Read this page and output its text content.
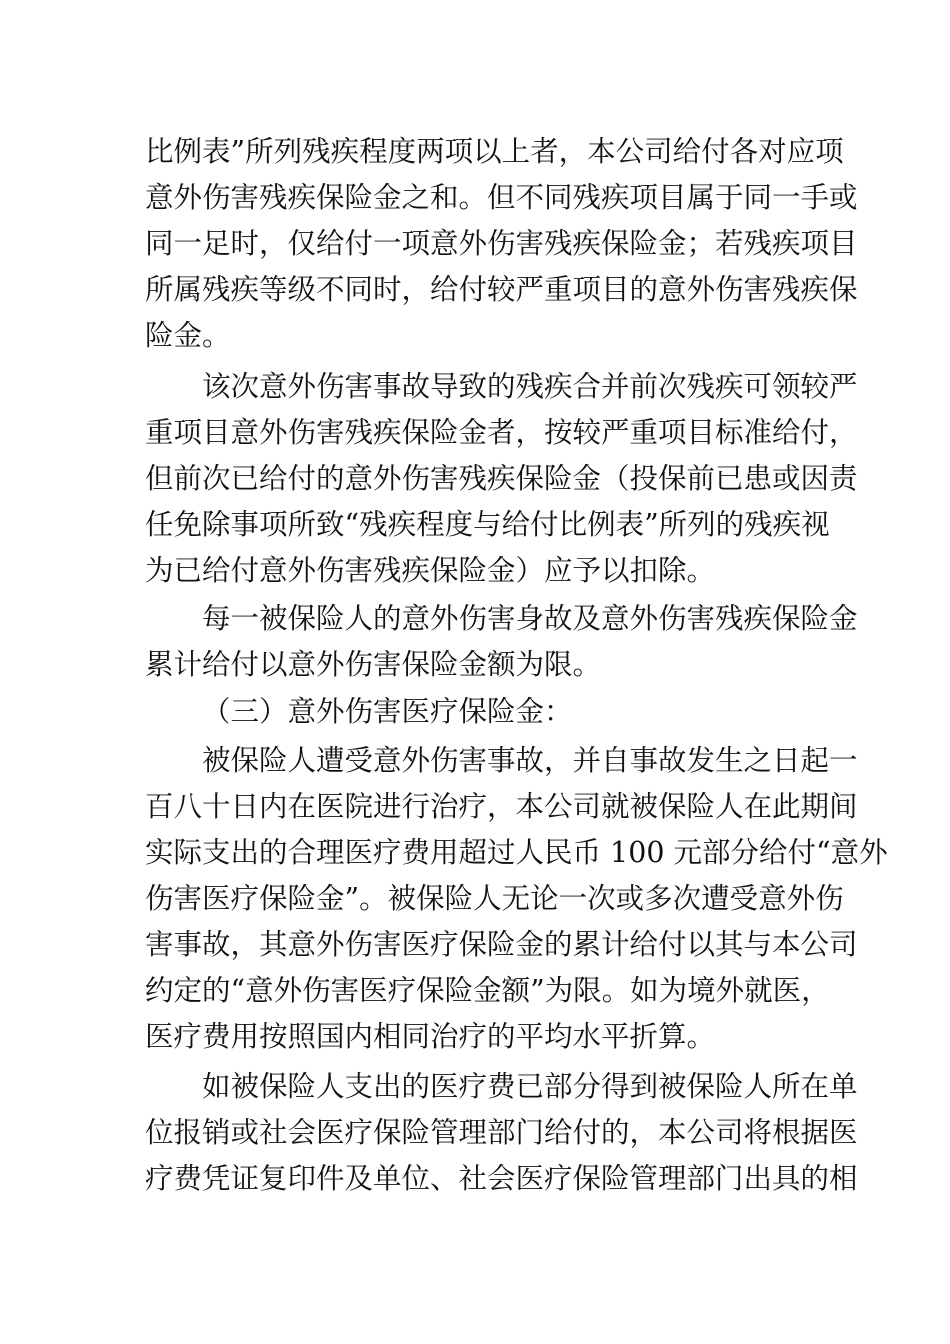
比例表”所列残疾程度两项以上者，本公司给付各对应项
意外伤害残疾保险金之和。但不同残疾项目属于同一手或
同一足时，仅给付一项意外伤害残疾保险金；若残疾项目
所属残疾等级不同时，给付较严重项目的意外伤害残疾保
险金。
该次意外伤害事故导致的残疾合并前次残疾可领较严
重项目意外伤害残疾保险金者，按较严重项目标准给付，
但前次已给付的意外伤害残疾保险金（投保前已患或因责
任免除事项所致“残疾程度与给付比例表”所列的残疾视
为已给付意外伤害残疾保险金）应予以扣除。
每一被保险人的意外伤害身故及意外伤害残疾保险金
累计给付以意外伤害保险金额为限。
（三）意外伤害医疗保险金：
被保险人遭受意外伤害事故，并自事故发生之日起一
百八十日内在医院进行治疗，本公司就被保险人在此期间
实际支出的合理医疗费用超过人民币 100 元部分给付“意外
伤害医疗保险金”。被保险人无论一次或多次遭受意外伤
害事故，其意外伤害医疗保险金的累计给付以其与本公司
约定的“意外伤害医疗保险金额”为限。如为境外就医，
医疗费用按照国内相同治疗的平均水平折算。
如被保险人支出的医疗费已部分得到被保险人所在单
位报销或社会医疗保险管理部门给付的，本公司将根据医
疗费凭证复印件及单位、社会医疗保险管理部门出具的相
